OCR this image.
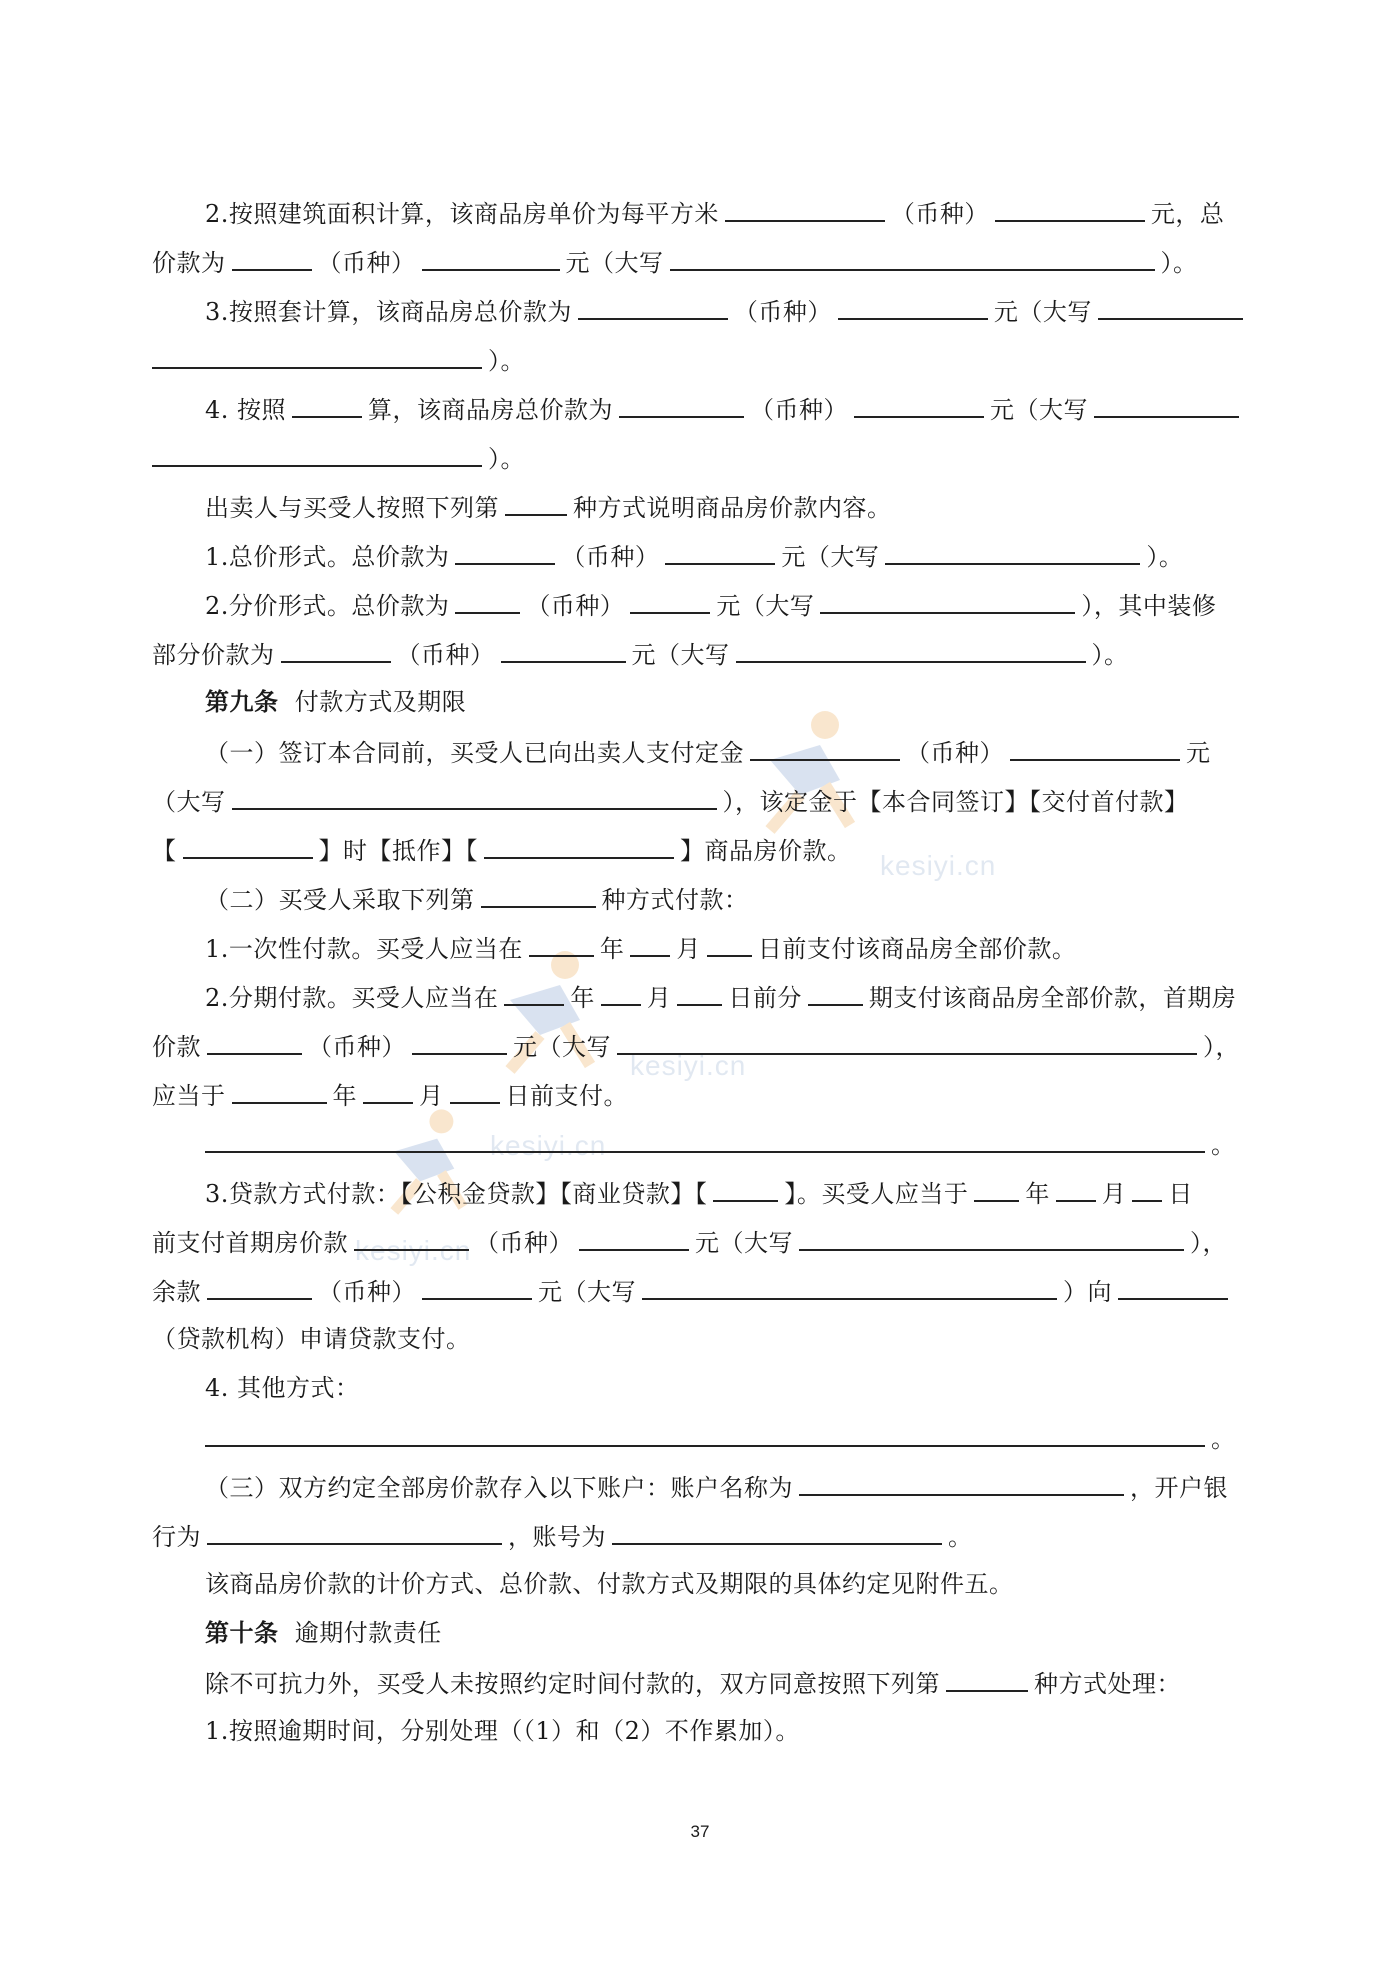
kesiyi.cn
kesiyi.cn
kesiyi.cn
kesiyi.cn
2.按照建筑面积计算，该商品房单价为每平方米	（币种）	元，总
价款为	（币种）	元（大写	）。
3.按照套计算，该商品房总价款为	（币种）	元（大写
）。
4. 按照	算，该商品房总价款为	（币种）	元（大写
）。
出卖人与买受人按照下列第	种方式说明商品房价款内容。
1.总价形式。总价款为	（币种）	元（大写	）。
2.分价形式。总价款为	（币种）	元（大写	），其中装修
部分价款为	（币种）	元（大写	）。
第九条 付款方式及期限
（一）签订本合同前，买受人已向出卖人支付定金	（币种）	元
（大写	），该定金于【本合同签订】【交付首付款】
【	】时【抵作】【	】商品房价款。
（二）买受人采取下列第	种方式付款：
1.一次性付款。买受人应当在	年 月 日前支付该商品房全部价款。
2.分期付款。买受人应当在	年 月 日前分	期支付该商品房全部价款，首期房
价款	（币种）	元（大写	），
应当于	年	月	日前支付。
。
3.贷款方式付款：【公积金贷款】【商业贷款】【	】。买受人应当于 年 月 日
前支付首期房价款	（币种）	元（大写	），
余款	（币种）	元（大写	）向
（贷款机构）申请贷款支付。
4. 其他方式：
。
（三）双方约定全部房价款存入以下账户：账户名称为	，开户银
行为	，账号为	。
该商品房价款的计价方式、总价款、付款方式及期限的具体约定见附件五。
第十条 逾期付款责任
除不可抗力外，买受人未按照约定时间付款的，双方同意按照下列第	种方式处理：
1.按照逾期时间，分别处理（（1）和（2）不作累加）。
37
